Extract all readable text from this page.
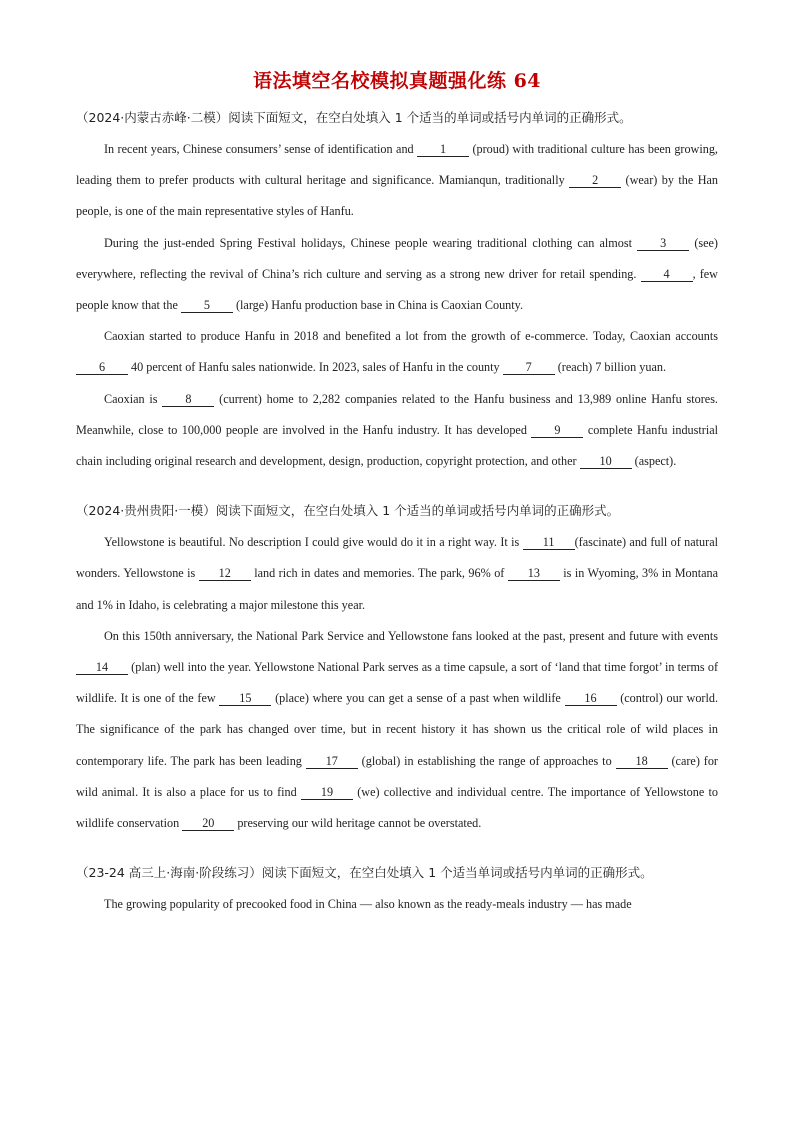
语法填空名校模拟真题强化练 64

（2024·内蒙古赤峰·二模）阅读下面短文，在空白处填入 1 个适当的单词或括号内单词的正确形式。

In recent years, Chinese consumers’ sense of identification and 1 (proud) with traditional culture has been growing, leading them to prefer products with cultural heritage and significance. Mamianqun, traditionally 2 (wear) by the Han people, is one of the main representative styles of Hanfu.

During the just-ended Spring Festival holidays, Chinese people wearing traditional clothing can almost 3 (see) everywhere, reflecting the revival of China’s rich culture and serving as a strong new driver for retail spending. 4 , few people know that the 5 (large) Hanfu production base in China is Caoxian County.

Caoxian started to produce Hanfu in 2018 and benefited a lot from the growth of e-commerce. Today, Caoxian accounts 6 40 percent of Hanfu sales nationwide. In 2023, sales of Hanfu in the county 7 (reach) 7 billion yuan.

Caoxian is 8 (current) home to 2,282 companies related to the Hanfu business and 13,989 online Hanfu stores. Meanwhile, close to 100,000 people are involved in the Hanfu industry. It has developed 9 complete Hanfu industrial chain including original research and development, design, production, copyright protection, and other 10 (aspect).

（2024·贵州贵阳·一模）阅读下面短文，在空白处填入 1 个适当的单词或括号内单词的正确形式。

Yellowstone is beautiful. No description I could give would do it in a right way. It is 11 (fascinate) and full of natural wonders. Yellowstone is 12 land rich in dates and memories. The park, 96% of 13 is in Wyoming, 3% in Montana and 1% in Idaho, is celebrating a major milestone this year.

On this 150th anniversary, the National Park Service and Yellowstone fans looked at the past, present and future with events 14 (plan) well into the year. Yellowstone National Park serves as a time capsule, a sort of ‘land that time forgot’ in terms of wildlife. It is one of the few 15 (place) where you can get a sense of a past when wildlife 16 (control) our world. The significance of the park has changed over time, but in recent history it has shown us the critical role of wild places in contemporary life. The park has been leading 17 (global) in establishing the range of approaches to 18 (care) for wild animal. It is also a place for us to find 19 (we) collective and individual centre. The importance of Yellowstone to wildlife conservation 20 preserving our wild heritage cannot be overstated.

（23-24 高三上·海南·阶段练习）阅读下面短文，在空白处填入 1 个适当单词或括号内单词的正确形式。

The growing popularity of precooked food in China — also known as the ready-meals industry — has made
